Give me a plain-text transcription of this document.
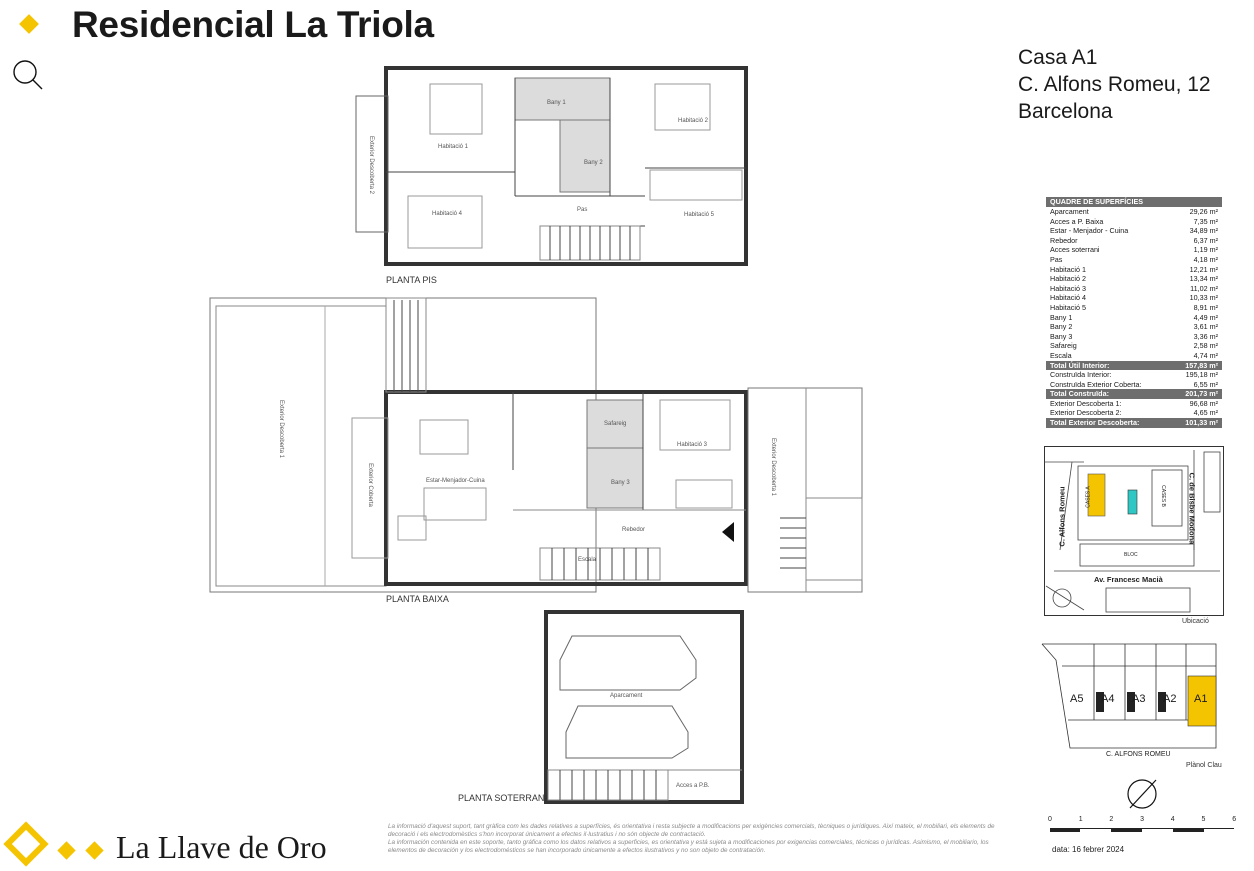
Residencial La Triola
Casa A1
C. Alfons Romeu, 12
Barcelona
Habitació 1
Habitació 2
Habitació 4	Habitació 5
Bany 1
Bany 2
Pas
Exterior Descoberta 2
PLANTA PIS
Exterior Descoberta 1
Exterior Coberta	Estar-Menjador-Cuina
Safareig
Habitació 3
Bany 3
Rebedor
Escala
Exterior Descoberta 1
PLANTA BAIXA
Aparcament
Acces a P.B.
PLANTA SOTERRANI
QUADRE DE SUPERFÍCIES
Aparcament	29,26 m²
Acces a P. Baixa	7,35 m²
Estar - Menjador - Cuina	34,89 m²
Rebedor	6,37 m²
Acces soterrani	1,19 m²
Pas	4,18 m²
Habitació 1	12,21 m²
Habitació 2	13,34 m²
Habitació 3	11,02 m²
Habitació 4	10,33 m²
Habitació 5	8,91 m²
Bany 1	4,49 m²
Bany 2	3,61 m²
Bany 3	3,36 m²
Safareig	2,58 m²
Escala	4,74 m²
Total Útil Interior:	157,83 m²
Construïda Interior:	195,18 m²
Construïda Exterior Coberta:	6,55 m²
Total Construïda:	201,73 m²
Exterior Descoberta 1:	96,68 m²
Exterior Descoberta 2:	4,65 m²
Total Exterior Descoberta:	101,33 m²
C. Alfons Romeu	C. de Bisbe Modona
Av. Francesc Macià
CASES A	CASES B
BLOC
Ubicació
A5 A4 A3 A2 A1
C. ALFONS ROMEU
Plànol Clau
0	1	2	3	4	5	6
data: 16 febrer 2024
La informació d'aquest suport, tant gràfica com les dades relatives a superfícies, és orientativa i resta subjecte a modificacions per exigències comercials, tècniques o jurídiques. Així mateix, el mobiliari, els elements de decoració i els electrodomèstics s'hon incorporat únicament a efectes il·lustratius i no són objecte de contractació.
La información contenida en este soporte, tanto gráfica como los datos relativos a superficies, es orientativa y está sujeta a modificaciones por exigencias comerciales, técnicas o jurídicas. Asimismo, el mobiliario, los elementos de decoración y los electrodomésticos se han incorporado únicamente a efectos ilustrativos y no son objeto de contratación.
La Llave de Oro
